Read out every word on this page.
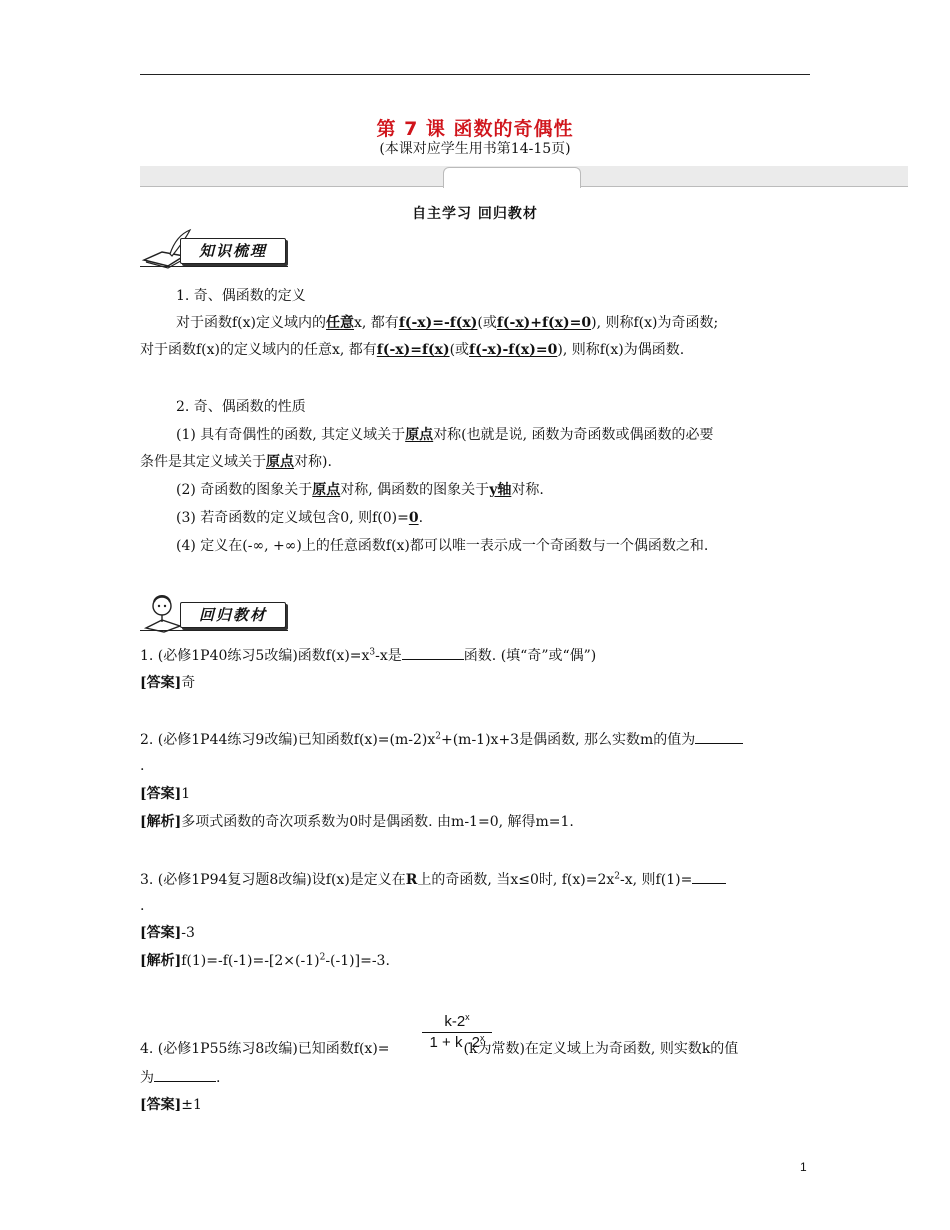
第 7 课 函数的奇偶性
(本课对应学生用书第14-15页)
自主学习 回归教材
知识梳理
1. 奇、偶函数的定义
对于函数f(x)定义域内的任意x, 都有f(-x)=-f(x)(或f(-x)+f(x)=0), 则称f(x)为奇函数;
对于函数f(x)的定义域内的任意x, 都有f(-x)=f(x)(或f(-x)-f(x)=0), 则称f(x)为偶函数.
2. 奇、偶函数的性质
(1) 具有奇偶性的函数, 其定义域关于原点对称(也就是说, 函数为奇函数或偶函数的必要
条件是其定义域关于原点对称).
(2) 奇函数的图象关于原点对称, 偶函数的图象关于y轴对称.
(3) 若奇函数的定义域包含0, 则f(0)=0.
(4) 定义在(-∞, +∞)上的任意函数f(x)都可以唯一表示成一个奇函数与一个偶函数之和.
回归教材
1. (必修1P40练习5改编)函数$f(x)=x^3-x$是	函数. (填“奇”或“偶”)
[答案]奇
2. (必修1P44练习9改编)已知函数$f(x)=(m-2)x^2+(m-1)x+3$是偶函数, 那么实数m的值为
.
[答案]1
[解析]多项式函数的奇次项系数为0时是偶函数. 由m-1=0, 解得m=1.
3. (必修1P94复习题8改编)设f(x)是定义在R上的奇函数, 当x≤0时, $f(x)=2x^2-x$, 则f(1)=
.
[答案]-3
[解析]$f(1)=-f(-1)=-[2\times(-1)^2-(-1)]=-3$.
k-2$^x$
$1 + k \cdot 2^x$
4. (必修1P55练习8改编)已知函数f(x)=	(k为常数)在定义域上为奇函数, 则实数k的值
为	.
[答案]±1
1
